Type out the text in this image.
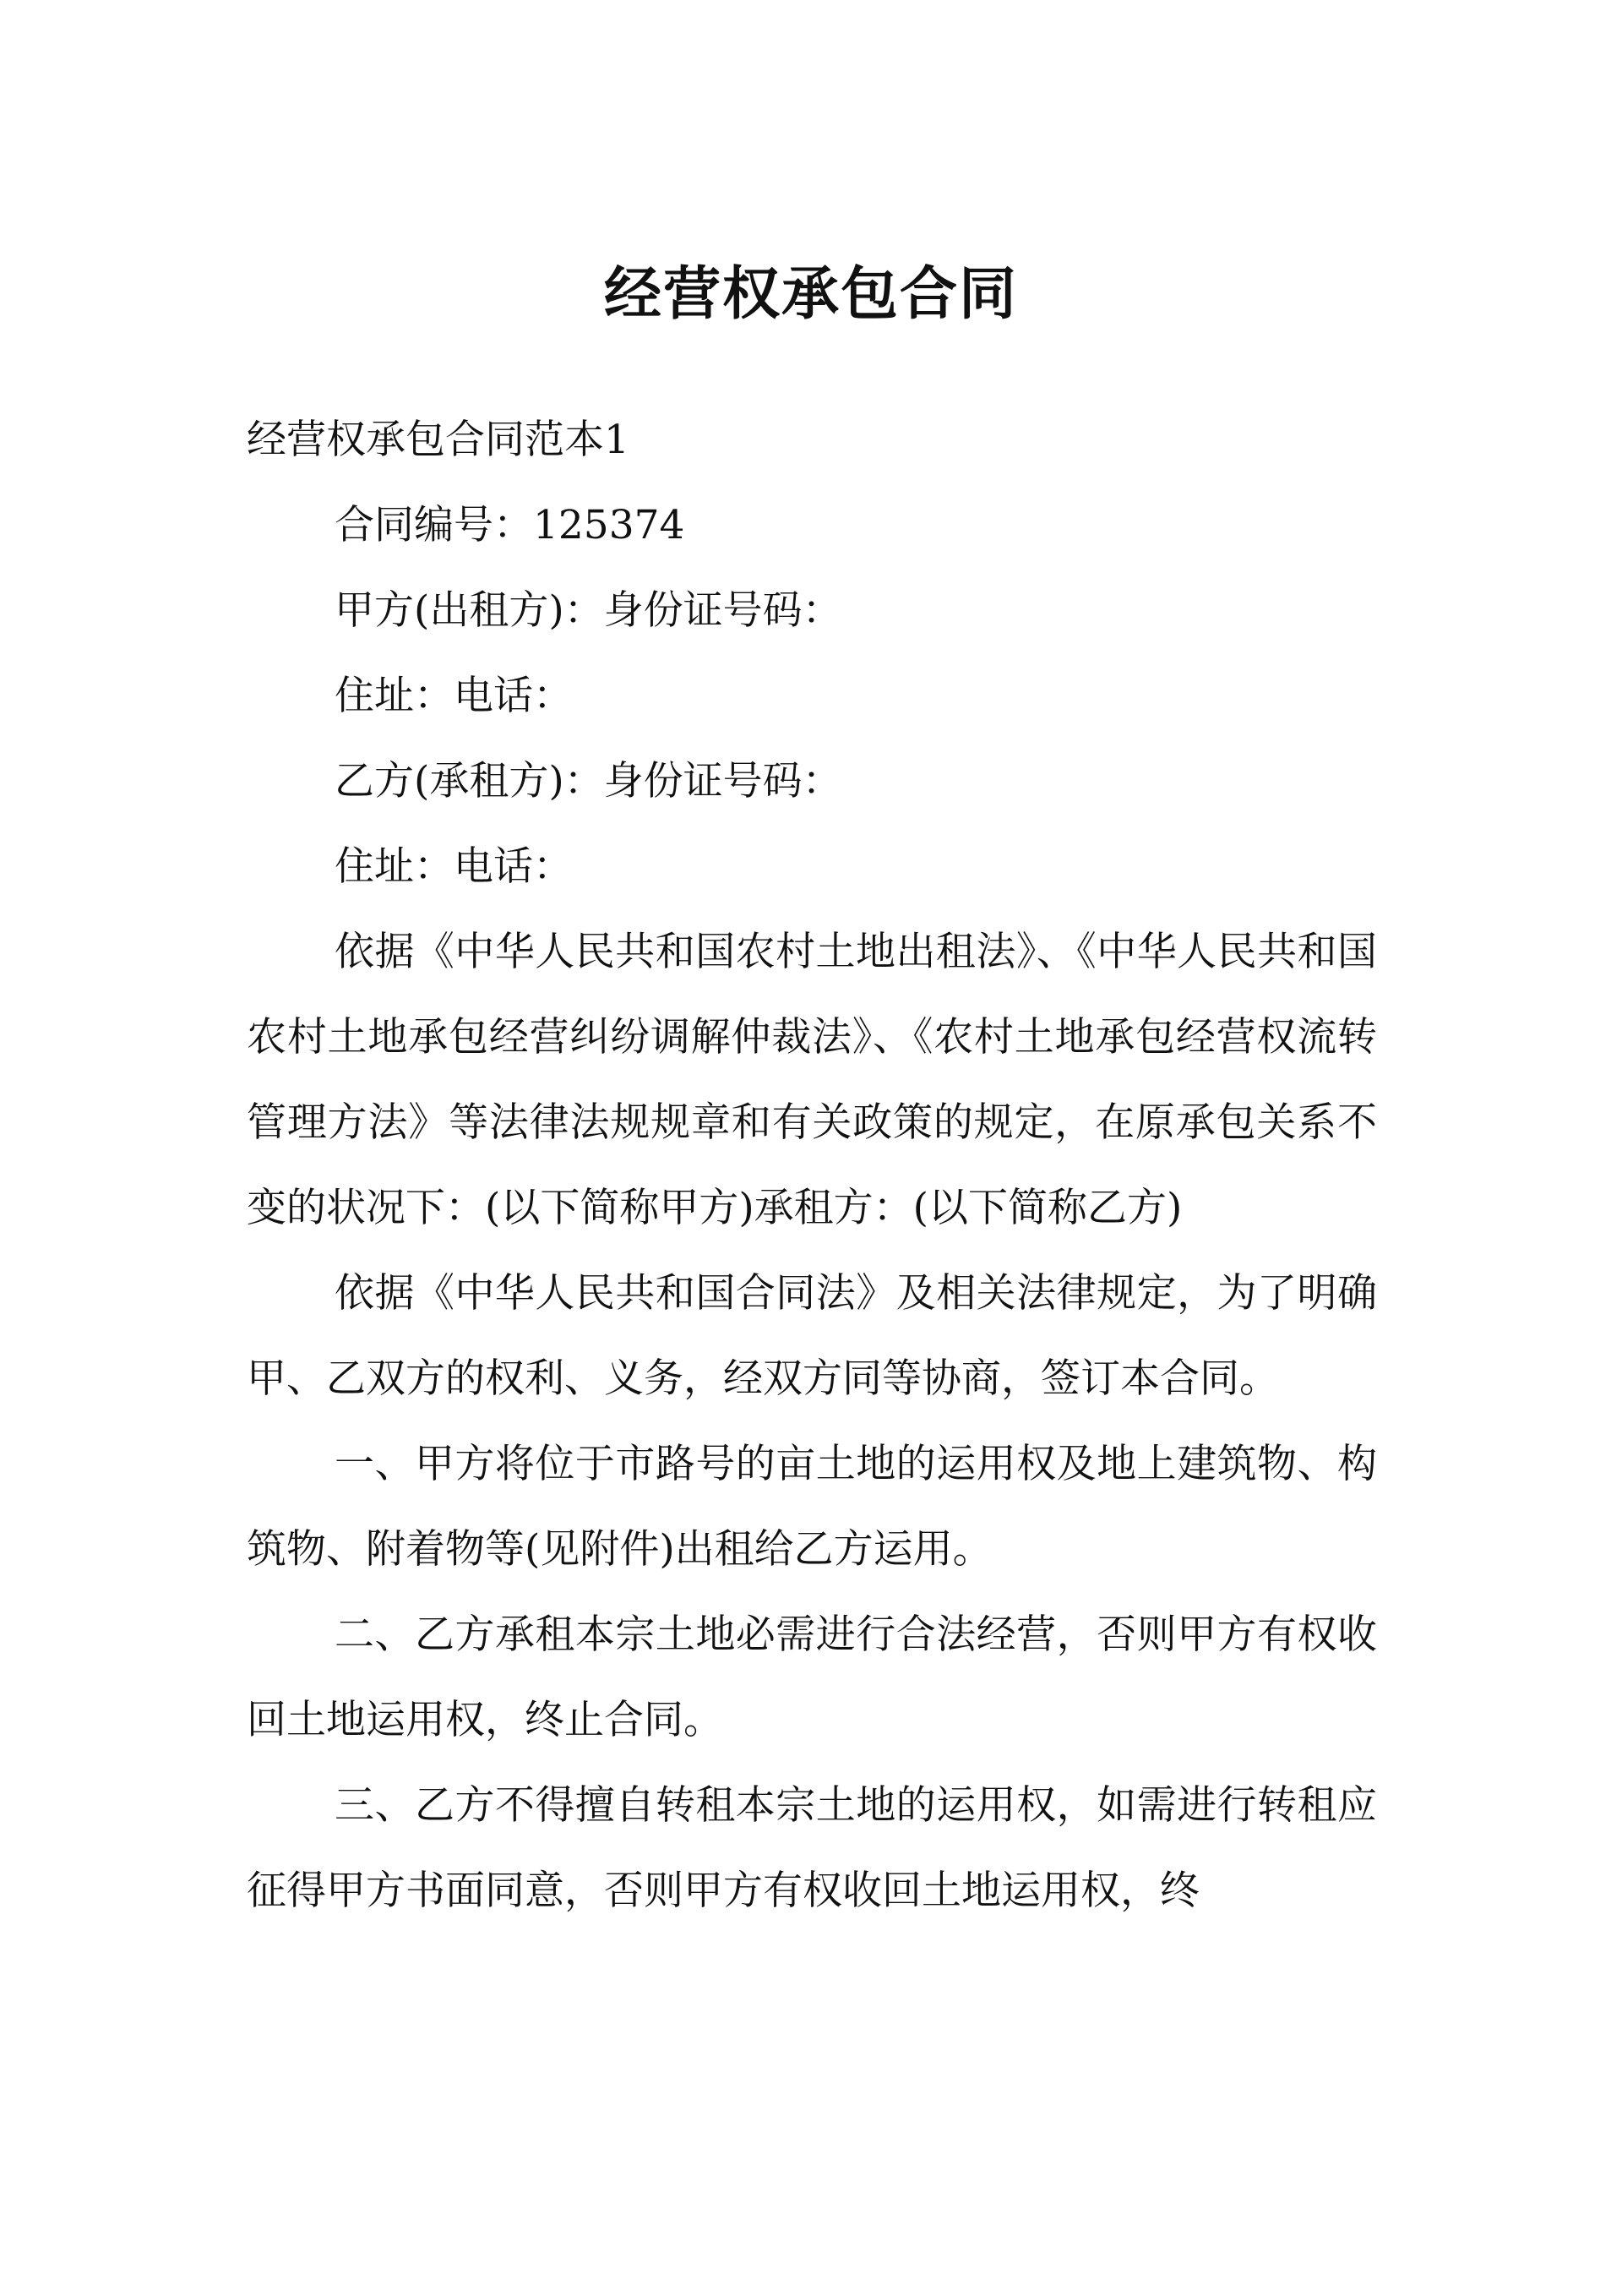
经营权承包合同

经营权承包合同范本1

合同编号：125374

甲方(出租方)：身份证号码：

住址：电话：

乙方(承租方)：身份证号码：

住址：电话：

依据《中华人民共和国农村土地出租法》、《中华人民共和国农村土地承包经营纠纷调解仲裁法》、《农村土地承包经营权流转管理方法》等法律法规规章和有关政策的规定，在原承包关系不变的状况下：(以下简称甲方)承租方：(以下简称乙方)

依据《中华人民共和国合同法》及相关法律规定，为了明确甲、乙双方的权利、义务，经双方同等协商，签订本合同。

一、甲方将位于市路号的亩土地的运用权及地上建筑物、构筑物、附着物等(见附件)出租给乙方运用。

二、乙方承租本宗土地必需进行合法经营，否则甲方有权收回土地运用权，终止合同。

三、乙方不得擅自转租本宗土地的运用权，如需进行转租应征得甲方书面同意，否则甲方有权收回土地运用权，终
